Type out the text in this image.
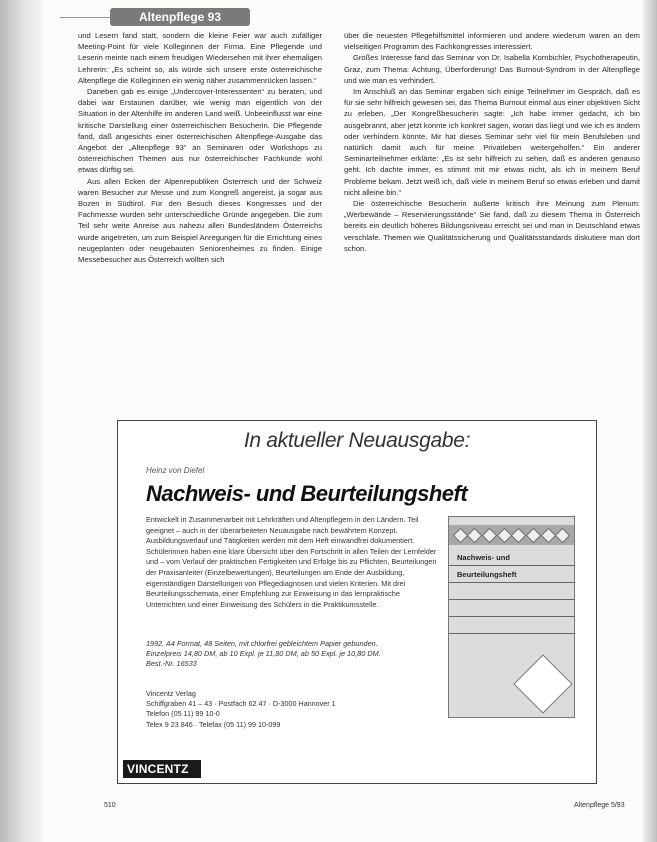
Altenpflege 93

und Lesern fand statt, sondern die kleine Feier war auch zufälliger Meeting-Point für viele Kolleginnen der Firma. Eine Pflegende und Leserin meinte nach einem freudigen Wiedersehen mit ihrer ehemaligen Lehrerin: „Es scheint so, als würde sich unsere erste österreichische Altenpflege die Kolleginnen ein wenig näher zusammenrücken lassen.“

Daneben gab es einige „Undercover-Interessenten“ zu beraten, und dabei war Erstaunen darüber, wie wenig man eigentlich von der Situation in der Altenhilfe im anderen Land weiß. Unbeeinflusst war eine kritische Darstellung einer österreichischen Besucherin. Die Pflegende fand, daß angesichts einer österreichischen Altenpflege-Ausgabe das Angebot der „Altenpflege 93“ an Seminaren oder Workshops zu österreichischen Themen aus nur österreichischer Fachkunde wohl etwas dürftig sei.

Aus allen Ecken der Alpenrepubliken Österreich und der Schweiz waren Besucher zur Messe und zum Kongreß angereist, ja sogar aus Bozen in Südtirol. Für den Besuch dieses Kongresses und der Fachmesse wurden sehr unterschiedliche Gründe angegeben. Die zum Teil sehr weite Anreise aus nahezu allen Bundesländern Österreichs wurde angetreten, um zum Beispiel Anregungen für die Errichtung eines neugeplanten oder neugebauten Seniorenheimes zu finden. Einige Messebesucher aus Österreich wollten sich

über die neuesten Pflegehilfsmittel informieren und andere wiederum waren an dem vielseitigen Programm des Fachkongresses interessiert.

Großes Interesse fand das Seminar von Dr. Isabella Kornbichler, Psychotherapeutin, Graz, zum Thema: Achtung, Überforderung! Das Burnout-Syndrom in der Altenpflege und wie man es verhindert.

Im Anschluß an das Seminar ergaben sich einige Teilnehmer im Gespräch, daß es für sie sehr hilfreich gewesen sei, das Thema Burnout einmal aus einer objektiven Sicht zu erleben. „Der Kongreßbesucherin sagte: „Ich habe immer gedacht, ich bin ausgebrannt, aber jetzt konnte ich konkret sagen, woran das liegt und wie ich es ändern oder verhindern könnte. Mir hat dieses Seminar sehr viel für mein Berufsleben und natürlich damit auch für meine Privatleben weitergeholfen.“ Ein anderer Seminarteilnehmer erklärte: „Es ist sehr hilfreich zu sehen, daß es anderen genauso geht. Ich dachte immer, es stimmt mit mir etwas nicht, als ich in meinem Beruf Probleme bekam. Jetzt weiß ich, daß viele in meinem Beruf so etwas erleben und damit nicht alleine bin.“

Die österreichische Besucherin äußerte kritisch ihre Meinung zum Plenum: „Werbewände – Reservierungsstände“ Sie fand, daß zu diesem Thema in Österreich bereits ein deutlich höheres Bildungsniveau erreicht sei und man in Deutschland etwas verschlafe. Themen wie Qualitätssicherung und Qualitätsstandards diskutiere man dort schon.

In aktueller Neuausgabe:
Heinz von Diefel
Nachweis- und Beurteilungsheft
Entwickelt in Zusammenarbeit mit Lehrkräften und Altenpflegern in den Ländern. Teil geeignet – auch in der überarbeiteten Neuausgabe nach bewährtem Konzept. Ausbildungsverlauf und Tätigkeiten werden mit dem Heft einwandfrei dokumentiert. Schülerinnen haben eine klare Übersicht über den Fortschritt in allen Teilen der Lernfelder und – vom Verlauf der praktischen Fertigkeiten und Erfolge bis zu Pflichten, Beurteilungen der Praxisanleiter (Einzelbewertungen), Beurteilungen am Ende der Ausbildung, eigenständigen Darstellungen von Pflegediagnosen und vielen Kriterien. Mit drei Beurteilungsschemata, einer Empfehlung zur Einweisung in das lernpraktische Unterrichten und einer Einweisung des Schülers in die Praktikumsstelle.
1992, A4 Format, 48 Seiten, mit chlorfrei gebleichtem Papier gebunden.
Einzelpreis 14,80 DM, ab 10 Expl. je 11,80 DM, ab 50 Expl. je 10,80 DM.
Best.-Nr. 16533
Vincentz Verlag
Schiffgraben 41 – 43 · Postfach 62 47 · D-3000 Hannover 1
Telefon (05 11) 99 10-0
Telex 9 23 846 · Telefax (05 11) 99 10-099
Nachweis- und
Beurteilungsheft
VINCENTZ
510	Altenpflege 5/93
